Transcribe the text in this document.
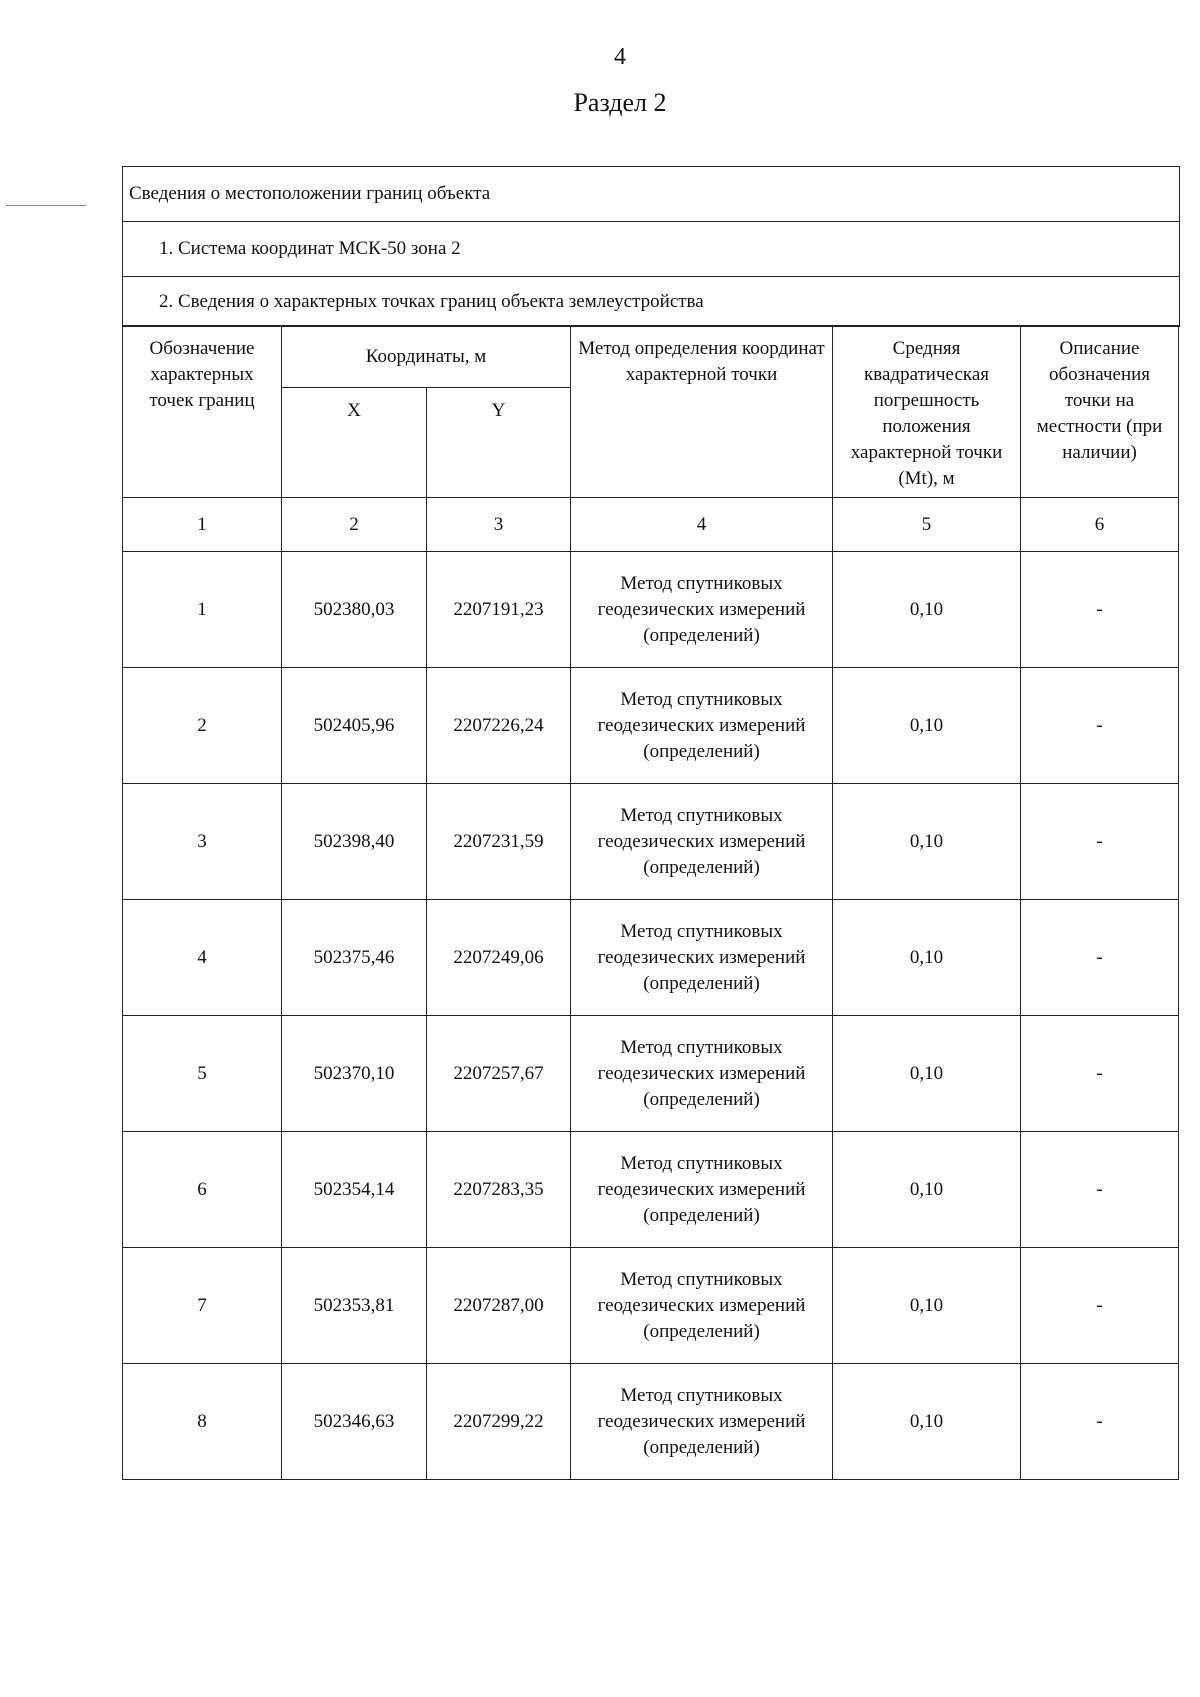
4
Раздел 2
Сведения о местоположении границ объекта
1. Система координат МСК-50 зона 2
2. Сведения о характерных точках границ объекта землеустройства
Обозначение характерных точек границ	Координаты, м		Метод определения координат характерной точки	Средняя квадратическая погрешность положения характерной точки (Mt), м	Описание обозначения точки на местности (при наличии)
	X	Y			
1	2	3	4	5	6
1	502380,03	2207191,23	Метод спутниковых геодезических измерений (определений)	0,10	-
2	502405,96	2207226,24	Метод спутниковых геодезических измерений (определений)	0,10	-
3	502398,40	2207231,59	Метод спутниковых геодезических измерений (определений)	0,10	-
4	502375,46	2207249,06	Метод спутниковых геодезических измерений (определений)	0,10	-
5	502370,10	2207257,67	Метод спутниковых геодезических измерений (определений)	0,10	-
6	502354,14	2207283,35	Метод спутниковых геодезических измерений (определений)	0,10	-
7	502353,81	2207287,00	Метод спутниковых геодезических измерений (определений)	0,10	-
8	502346,63	2207299,22	Метод спутниковых геодезических измерений (определений)	0,10	-
